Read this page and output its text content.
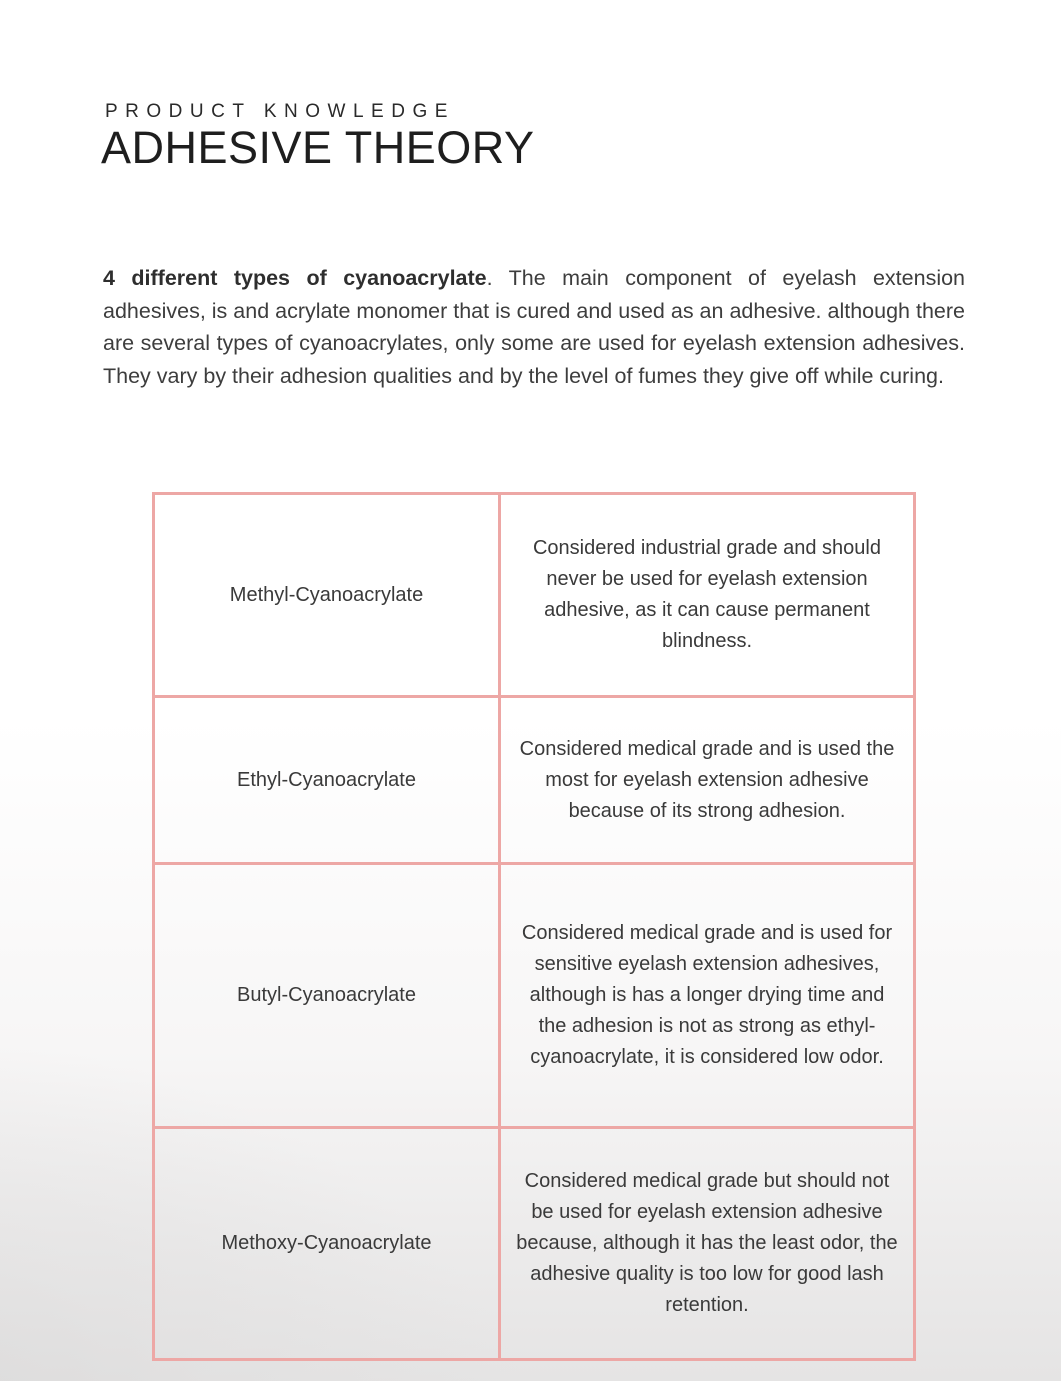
PRODUCT KNOWLEDGE
ADHESIVE THEORY

4 different types of cyanoacrylate. The main component of eyelash extension adhesives, is and acrylate monomer that is cured and used as an adhesive. although there are several types of cyanoacrylates, only some are used for eyelash extension adhesives. They vary by their adhesion qualities and by the level of fumes they give off while curing.

Methyl-Cyanoacrylate	Considered industrial grade and should never be used for eyelash extension adhesive, as it can cause permanent blindness.
Ethyl-Cyanoacrylate	Considered medical grade and is used the most for eyelash extension adhesive because of its strong adhesion.
Butyl-Cyanoacrylate	Considered medical grade and is used for sensitive eyelash extension adhesives, although is has a longer drying time and the adhesion is not as strong as ethyl-cyanoacrylate, it is considered low odor.
Methoxy-Cyanoacrylate	Considered medical grade but should not be used for eyelash extension adhesive because, although it has the least odor, the adhesive quality is too low for good lash retention.
